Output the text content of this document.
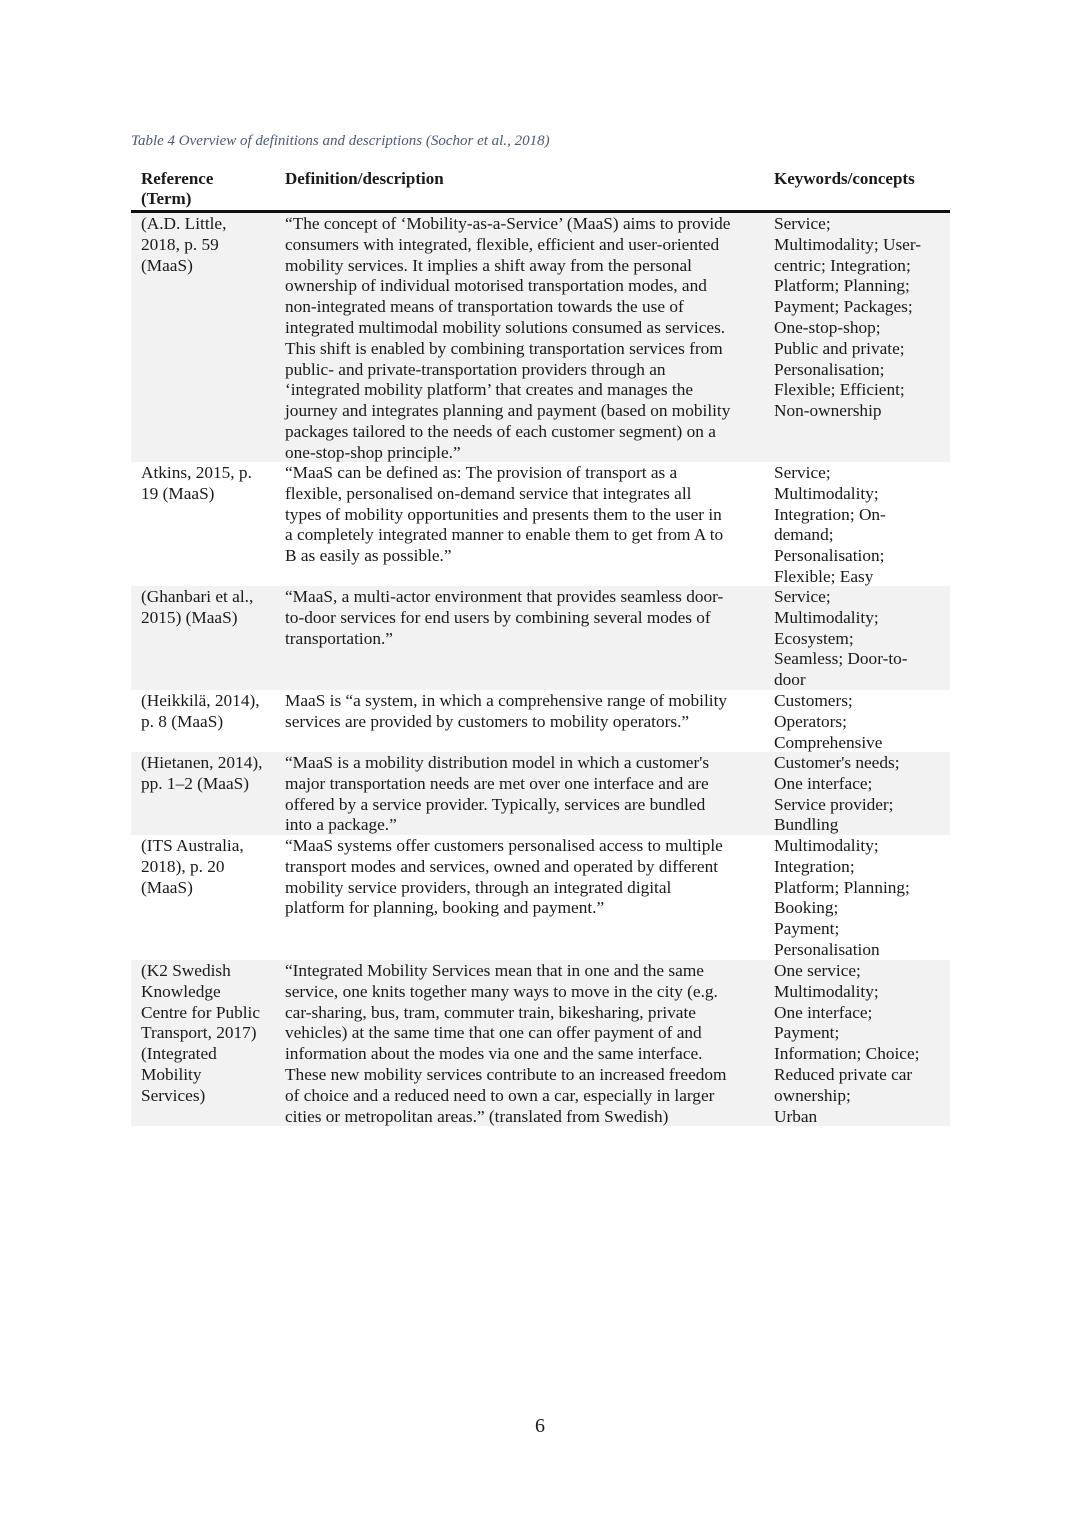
Table 4 Overview of definitions and descriptions (Sochor et al., 2018)
Reference
(Term)
Definition/description	Keywords/concepts
(A.D. Little,
2018, p. 59
(MaaS)
“The concept of ‘Mobility-as-a-Service’ (MaaS) aims to provide
consumers with integrated, flexible, efficient and user-oriented
mobility services. It implies a shift away from the personal
ownership of individual motorised transportation modes, and
non-integrated means of transportation towards the use of
integrated multimodal mobility solutions consumed as services.
This shift is enabled by combining transportation services from
public- and private-transportation providers through an
‘integrated mobility platform’ that creates and manages the
journey and integrates planning and payment (based on mobility
packages tailored to the needs of each customer segment) on a
one-stop-shop principle.”
Service;
Multimodality; User-
centric; Integration;
Platform; Planning;
Payment; Packages;
One-stop-shop;
Public and private;
Personalisation;
Flexible; Efficient;
Non-ownership
Atkins, 2015, p.
19 (MaaS)
“MaaS can be defined as: The provision of transport as a
flexible, personalised on-demand service that integrates all
types of mobility opportunities and presents them to the user in
a completely integrated manner to enable them to get from A to
B as easily as possible.”
Service;
Multimodality;
Integration; On-
demand;
Personalisation;
Flexible; Easy
(Ghanbari et al.,
2015) (MaaS)
“MaaS, a multi-actor environment that provides seamless door-
to-door services for end users by combining several modes of
transportation.”
Service;
Multimodality;
Ecosystem;
Seamless; Door-to-
door
(Heikkilä, 2014),
p. 8 (MaaS)
MaaS is “a system, in which a comprehensive range of mobility
services are provided by customers to mobility operators.”
Customers;
Operators;
Comprehensive
(Hietanen, 2014),
pp. 1–2 (MaaS)
“MaaS is a mobility distribution model in which a customer's
major transportation needs are met over one interface and are
offered by a service provider. Typically, services are bundled
into a package.”
Customer's needs;
One interface;
Service provider;
Bundling
(ITS Australia,
2018), p. 20
(MaaS)
“MaaS systems offer customers personalised access to multiple
transport modes and services, owned and operated by different
mobility service providers, through an integrated digital
platform for planning, booking and payment.”
Multimodality;
Integration;
Platform; Planning;
Booking;
Payment;
Personalisation
(K2 Swedish
Knowledge
Centre for Public
Transport, 2017)
(Integrated
Mobility
Services)
“Integrated Mobility Services mean that in one and the same
service, one knits together many ways to move in the city (e.g.
car-sharing, bus, tram, commuter train, bikesharing, private
vehicles) at the same time that one can offer payment of and
information about the modes via one and the same interface.
These new mobility services contribute to an increased freedom
of choice and a reduced need to own a car, especially in larger
cities or metropolitan areas.” (translated from Swedish)
One service;
Multimodality;
One interface;
Payment;
Information; Choice;
Reduced private car
ownership;
Urban
6
